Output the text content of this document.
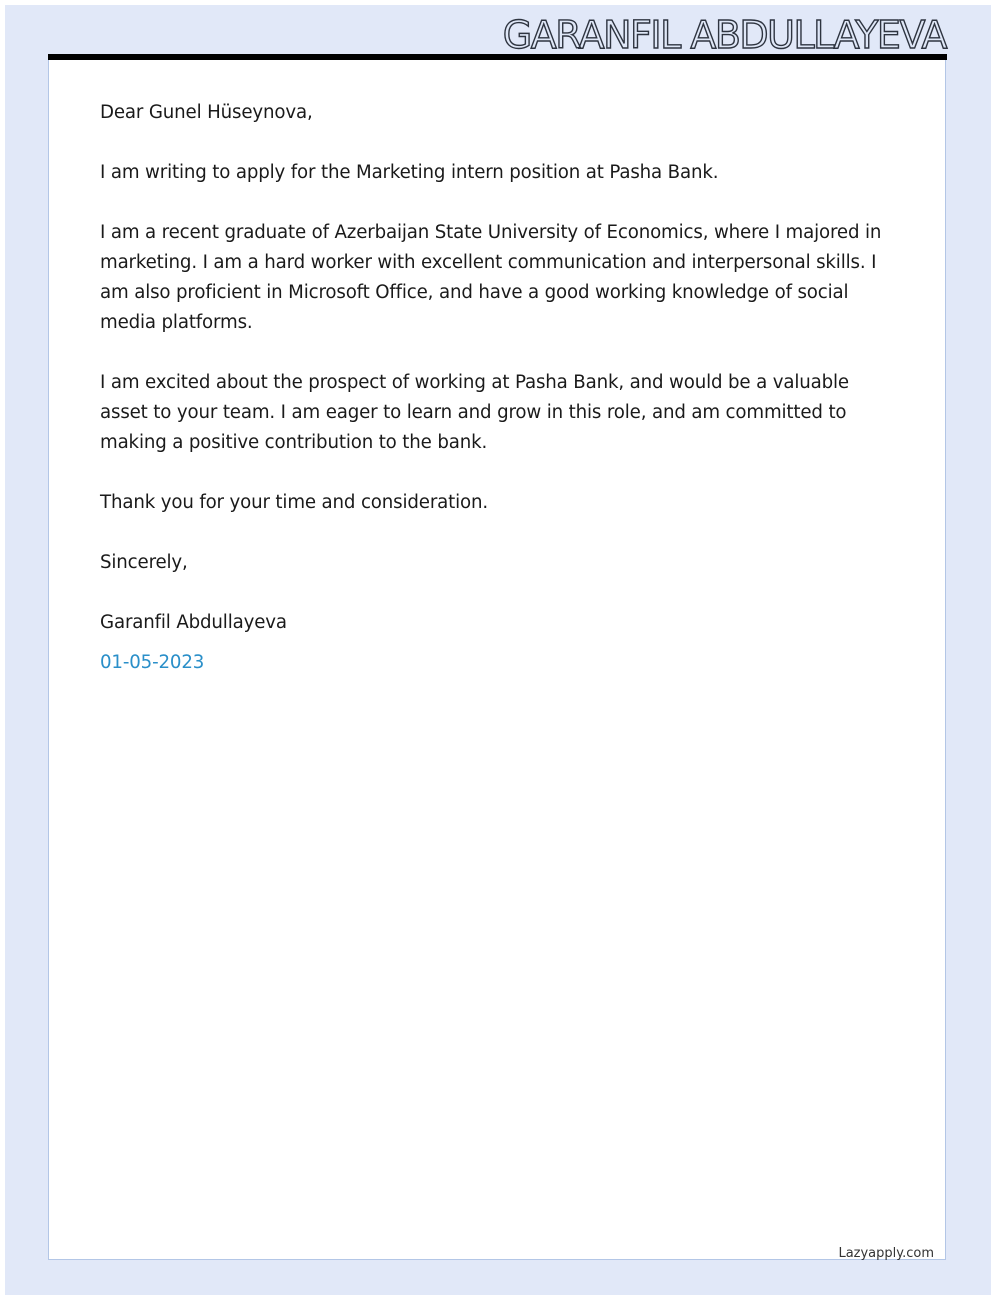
GARANFIL ABDULLAYEVA

Dear Gunel Hüseynova,

I am writing to apply for the Marketing intern position at Pasha Bank.

I am a recent graduate of Azerbaijan State University of Economics, where I majored in marketing. I am a hard worker with excellent communication and interpersonal skills. I am also proficient in Microsoft Office, and have a good working knowledge of social media platforms.

I am excited about the prospect of working at Pasha Bank, and would be a valuable asset to your team. I am eager to learn and grow in this role, and am committed to making a positive contribution to the bank.

Thank you for your time and consideration.

Sincerely,

Garanfil Abdullayeva

01-05-2023

Lazyapply.com
